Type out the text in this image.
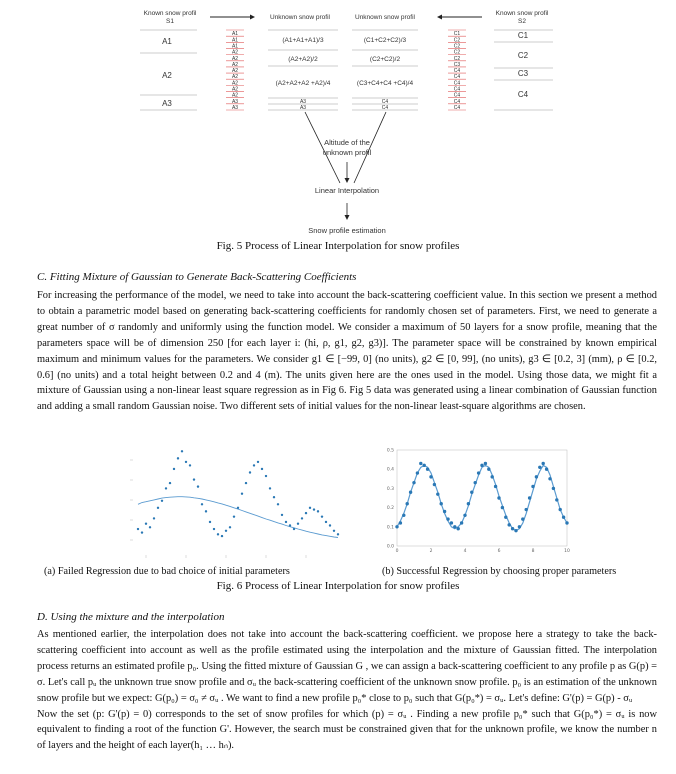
Known snow profil
S1
Unknown snow profil	Unknown snow profil
Known snow profil
S2
A1
A2
A3
C1
C2
C3
C4
A1
A1
A1
A2
A2
A2
A2
A2
A2
A2
A2
A3
A3
C1
C2
C2
C2
C2
C3
C4
C4
C4
C4
C4
C4
C4
(A1+A1+A1)/3
(A2+A2)/2
(A2+A2+A2 +A2)/4
A3
A3
(C1+C2+C2)/3
(C2+C2)/2
(C3+C4+C4 +C4)/4
C4
C4
Altitude of the
unknown profil
Linear Interpolation
Snow profile estimation
Fig. 5 Process of Linear Interpolation for snow profiles
C. Fitting Mixture of Gaussian to Generate Back-Scattering Coefficients

For increasing the performance of the model, we need to take into account the back-scattering coefficient value. In this section we present a method to obtain a parametric model based on generating back-scattering coefficients for randomly chosen set of parameters. First, we need to generate a great number of σ randomly and uniformly using the function model. We consider a maximum of 50 layers for a snow profile, meaning that the parameters space will be of dimension 250 [for each layer i: (hi, ρ, g1, g2, g3)]. The parameter space will be constrained by known empirical maximum and minimum values for the parameters. We consider g1 ∈ [−99, 0] (no units), g2 ∈ [0, 99], (no units), g3 ∈ [0.2, 3] (mm), ρ ∈ [0.2, 0.6] (no units) and a total height between 0.2 and 4 (m). The units given here are the ones used in the model. Using those data, we might fit a mixture of Gaussian using a non-linear least square regression as in Fig 6. Fig 5 data was generated using a linear combination of Gaussian function and adding a small random Gaussian noise. Two different sets of initial values for the non-linear least-square algorithms are chosen.

0.0
0.1
0.2
0.3
0.4
0.5
0	2	4	6	8	10
(a) Failed Regression due to bad choice of initial parameters	(b) Successful Regression by choosing proper parameters
Fig. 6 Process of Linear Interpolation for snow profiles
D. Using the mixture and the interpolation

As mentioned earlier, the interpolation does not take into account the back-scattering coefficient. we propose here a strategy to take the back-scattering coefficient into account as well as the profile estimated using the interpolation and the mixture of Gaussian fitted. The interpolation process returns an estimated profile p₀. Using the fitted mixture of Gaussian G , we can assign a back-scattering coefficient to any profile p as G(p) = σ. Let's call pᵤ the unknown true snow profile and σᵤ the back-scattering coefficient of the unknown snow profile. p₀ is an estimation of the unknown snow profile but we expect: G(p₀) = σ₀ ≠ σᵤ . We want to find a new profile p₀* close to p₀ such that G(p₀*) = σᵤ. Let's define: G'(p) = G(p) - σᵤ

Now the set (p: G'(p) = 0) corresponds to the set of snow profiles for which (p) = σᵤ . Finding a new profile p₀* such that G(p₀*) = σᵤ is now equivalent to finding a root of the function G'. However, the search must be constrained given that for the unknown profile, we know the number n of layers and the height of each layer(h₁ … hₙ).
